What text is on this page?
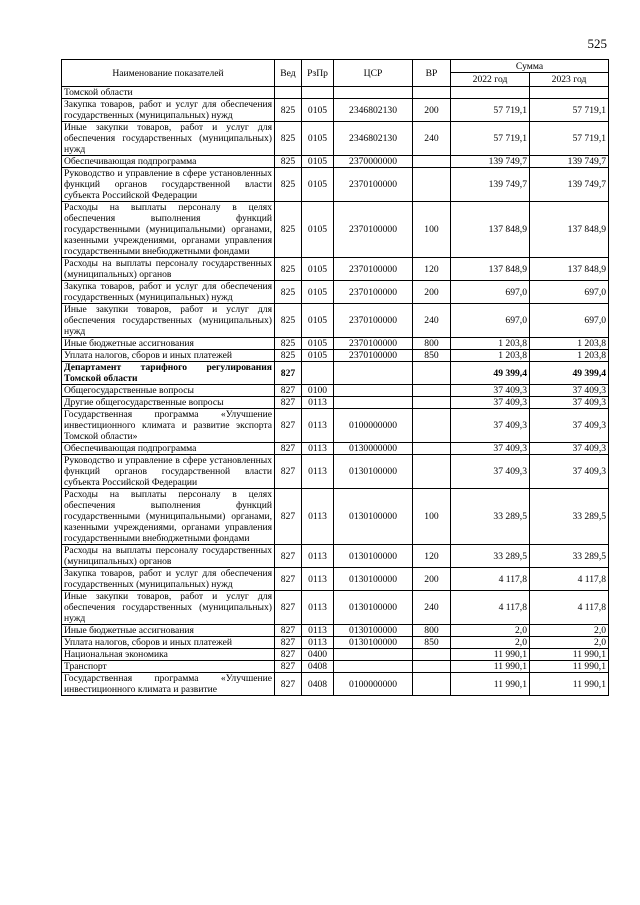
525
Наименование показателей	Вед	РзПр	ЦСР	ВР	Сумма	
					2022 год	2023 год
Томской области						
Закупка товаров, работ и услуг для обеспечения государственных (муниципальных) нужд	825	0105	2346802130	200	57 719,1	57 719,1
Иные закупки товаров, работ и услуг для обеспечения государственных (муниципальных) нужд	825	0105	2346802130	240	57 719,1	57 719,1
Обеспечивающая подпрограмма	825	0105	2370000000		139 749,7	139 749,7
Руководство и управление в сфере установленных функций органов государственной власти субъекта Российской Федерации	825	0105	2370100000		139 749,7	139 749,7
Расходы на выплаты персоналу в целях обеспечения выполнения функций государственными (муниципальными) органами, казенными учреждениями, органами управления государственными внебюджетными фондами	825	0105	2370100000	100	137 848,9	137 848,9
Расходы на выплаты персоналу государственных (муниципальных) органов	825	0105	2370100000	120	137 848,9	137 848,9
Закупка товаров, работ и услуг для обеспечения государственных (муниципальных) нужд	825	0105	2370100000	200	697,0	697,0
Иные закупки товаров, работ и услуг для обеспечения государственных (муниципальных) нужд	825	0105	2370100000	240	697,0	697,0
Иные бюджетные ассигнования	825	0105	2370100000	800	1 203,8	1 203,8
Уплата налогов, сборов и иных платежей	825	0105	2370100000	850	1 203,8	1 203,8
Департамент тарифного регулирования Томской области	827				49 399,4	49 399,4
Общегосударственные вопросы	827	0100			37 409,3	37 409,3
Другие общегосударственные вопросы	827	0113			37 409,3	37 409,3
Государственная программа «Улучшение инвестиционного климата и развитие экспорта Томской области»	827	0113	0100000000		37 409,3	37 409,3
Обеспечивающая подпрограмма	827	0113	0130000000		37 409,3	37 409,3
Руководство и управление в сфере установленных функций органов государственной власти субъекта Российской Федерации	827	0113	0130100000		37 409,3	37 409,3
Расходы на выплаты персоналу в целях обеспечения выполнения функций государственными (муниципальными) органами, казенными учреждениями, органами управления государственными внебюджетными фондами	827	0113	0130100000	100	33 289,5	33 289,5
Расходы на выплаты персоналу государственных (муниципальных) органов	827	0113	0130100000	120	33 289,5	33 289,5
Закупка товаров, работ и услуг для обеспечения государственных (муниципальных) нужд	827	0113	0130100000	200	4 117,8	4 117,8
Иные закупки товаров, работ и услуг для обеспечения государственных (муниципальных) нужд	827	0113	0130100000	240	4 117,8	4 117,8
Иные бюджетные ассигнования	827	0113	0130100000	800	2,0	2,0
Уплата налогов, сборов и иных платежей	827	0113	0130100000	850	2,0	2,0
Национальная экономика	827	0400			11 990,1	11 990,1
Транспорт	827	0408			11 990,1	11 990,1
Государственная программа «Улучшение инвестиционного климата и развитие	827	0408	0100000000		11 990,1	11 990,1
